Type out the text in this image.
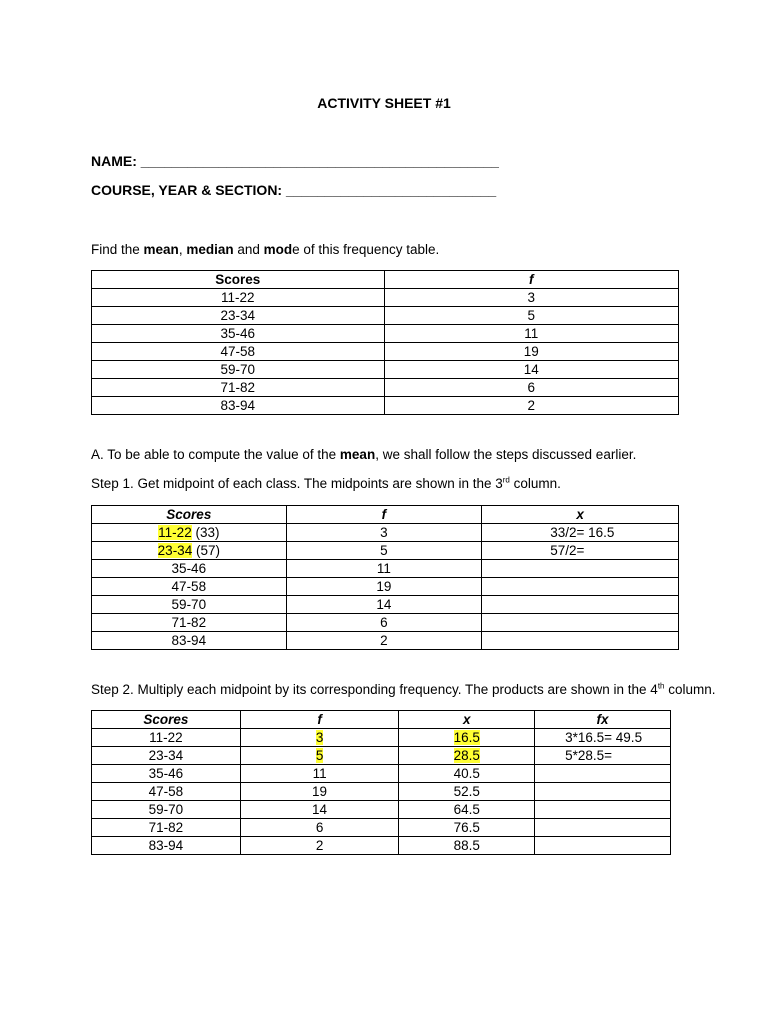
ACTIVITY SHEET #1
NAME: ______________________________________________
COURSE, YEAR & SECTION: ___________________________
Find the mean, median and mode of this frequency table.
Scores	f
11-22	3
23-34	5
35-46	11
47-58	19
59-70	14
71-82	6
83-94	2
A. To be able to compute the value of the mean, we shall follow the steps discussed earlier.
Step 1. Get midpoint of each class. The midpoints are shown in the 3rd column.
Scores	f	x
11-22 (33)	3	33/2= 16.5
23-34 (57)	5	57/2=
35-46	11	
47-58	19	
59-70	14	
71-82	6	
83-94	2	
Step 2. Multiply each midpoint by its corresponding frequency. The products are shown in the 4th column.
Scores	f	x	fx
11-22	3	16.5	3*16.5= 49.5
23-34	5	28.5	5*28.5=
35-46	11	40.5	
47-58	19	52.5	
59-70	14	64.5	
71-82	6	76.5	
83-94	2	88.5	
